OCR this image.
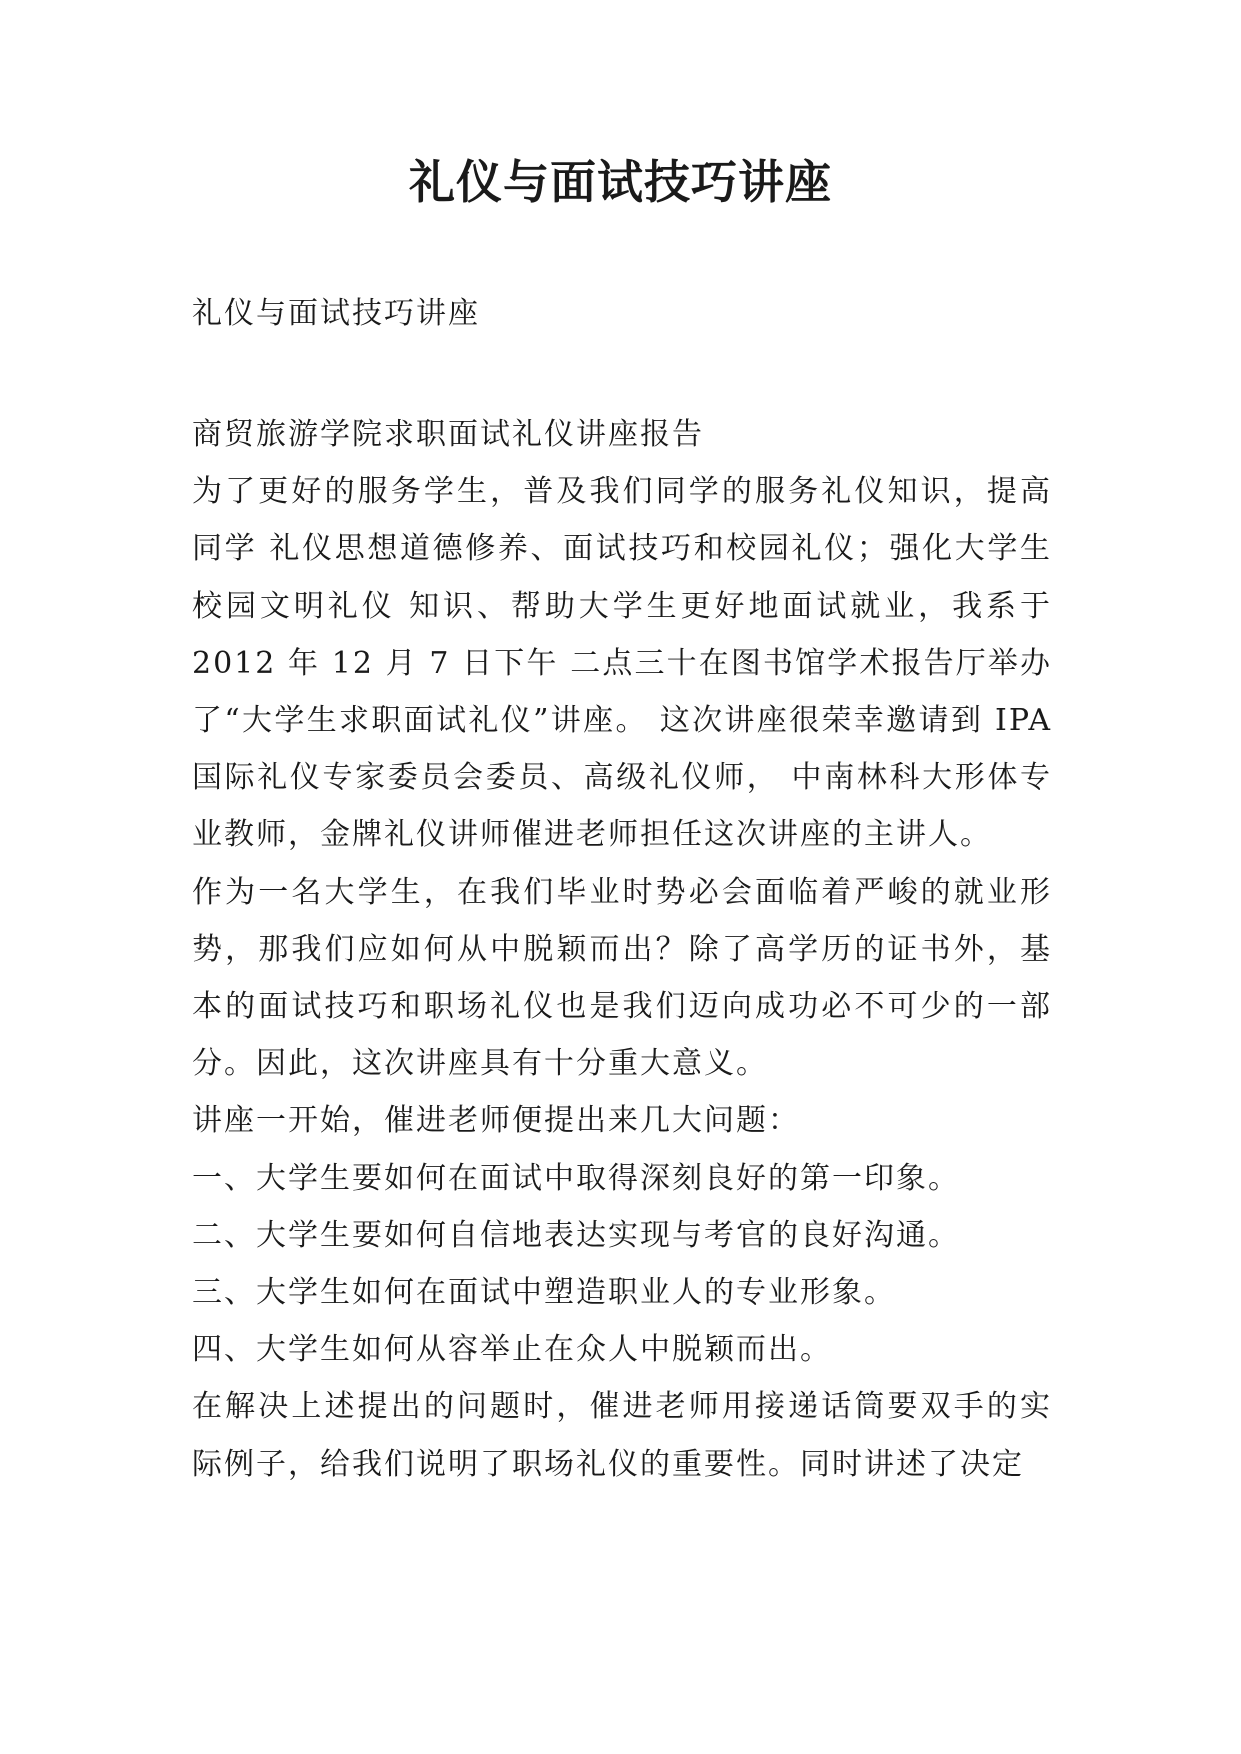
礼仪与面试技巧讲座

礼仪与面试技巧讲座

商贸旅游学院求职面试礼仪讲座报告

为了更好的服务学生，普及我们同学的服务礼仪知识，提高同学 礼仪思想道德修养、面试技巧和校园礼仪；强化大学生校园文明礼仪 知识、帮助大学生更好地面试就业，我系于 2012 年 12 月 7 日下午 二点三十在图书馆学术报告厅举办了“大学生求职面试礼仪”讲座。 这次讲座很荣幸邀请到 IPA 国际礼仪专家委员会委员、高级礼仪师， 中南林科大形体专业教师，金牌礼仪讲师催进老师担任这次讲座的主讲人。

作为一名大学生，在我们毕业时势必会面临着严峻的就业形势，那我们应如何从中脱颖而出？除了高学历的证书外，基本的面试技巧和职场礼仪也是我们迈向成功必不可少的一部分。因此，这次讲座具有十分重大意义。

讲座一开始，催进老师便提出来几大问题：

一、大学生要如何在面试中取得深刻良好的第一印象。

二、大学生要如何自信地表达实现与考官的良好沟通。

三、大学生如何在面试中塑造职业人的专业形象。

四、大学生如何从容举止在众人中脱颖而出。

在解决上述提出的问题时，催进老师用接递话筒要双手的实际例子，给我们说明了职场礼仪的重要性。同时讲述了决定
